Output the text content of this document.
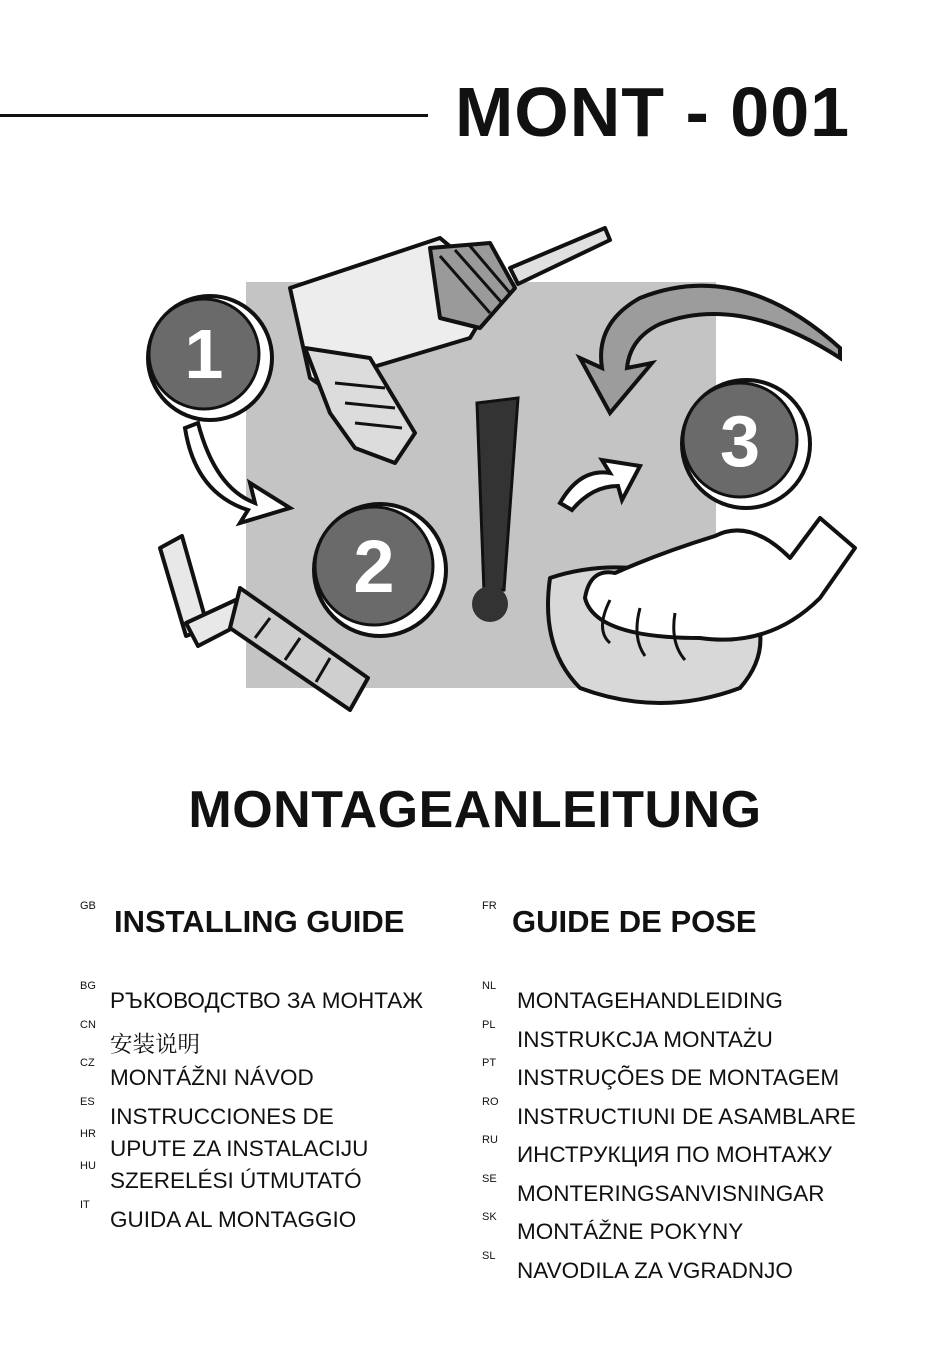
MONT - 001
1
2
3
MONTAGEANLEITUNG
GB INSTALLING GUIDE
BG
РЪКОВОДСТВО ЗА МОНТАЖ
CN
安装说明
CZ
MONTÁŽNI NÁVOD
ES
INSTRUCCIONES DE
HR
UPUTE ZA INSTALACIJU
HU
SZERELÉSI ÚTMUTATÓ
IT
GUIDA AL MONTAGGIO
FR GUIDE DE POSE
NL
MONTAGEHANDLEIDING
PL
INSTRUKCJA MONTAŻU
PT
INSTRUÇÕES DE MONTAGEM
RO
INSTRUCTIUNI DE ASAMBLARE
RU
ИНСТРУКЦИЯ ПО МОНТАЖУ
SE
MONTERINGSANVISNINGAR
SK
MONTÁŽNE POKYNY
SL
NAVODILA ZA VGRADNJO
